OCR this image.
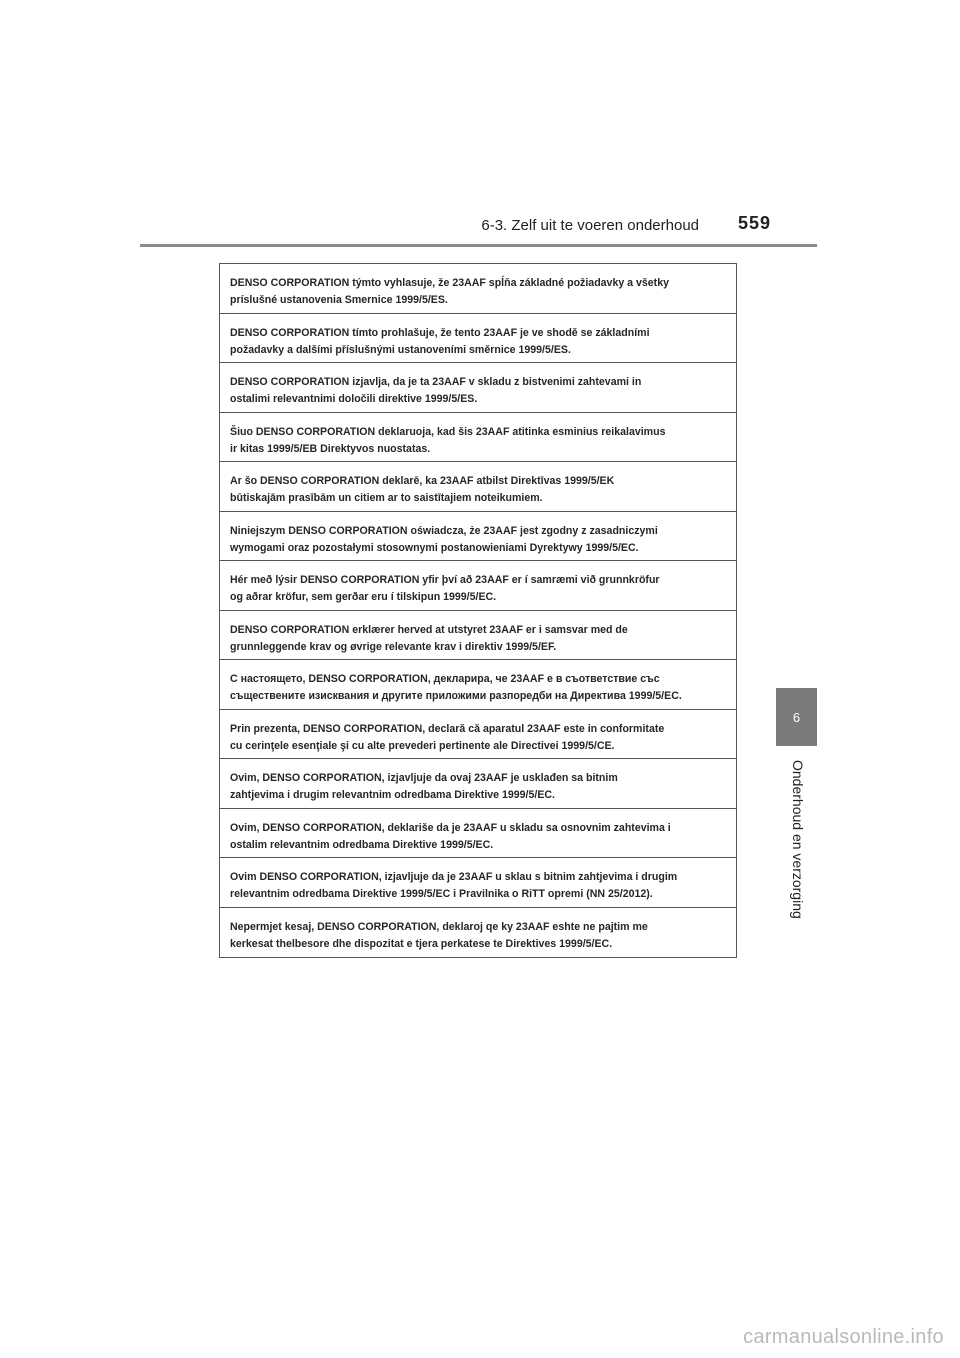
6-3. Zelf uit te voeren onderhoud 559
6
Onderhoud en verzorging
DENSO CORPORATION týmto vyhlasuje, že 23AAF spĺňa základné požiadavky a všetky
príslušné ustanovenia Smernice 1999/5/ES.
DENSO CORPORATION tímto prohlašuje, že tento 23AAF je ve shodě se základními
požadavky a dalšími příslušnými ustanoveními směrnice 1999/5/ES.
DENSO CORPORATION izjavlja, da je ta 23AAF v skladu z bistvenimi zahtevami in
ostalimi relevantnimi določili direktive 1999/5/ES.
Šiuo DENSO CORPORATION deklaruoja, kad šis 23AAF atitinka esminius reikalavimus
ir kitas 1999/5/EB Direktyvos nuostatas.
Ar šo DENSO CORPORATION deklarē, ka 23AAF atbilst Direktīvas 1999/5/EK
būtiskajām prasībām un citiem ar to saistītajiem noteikumiem.
Niniejszym DENSO CORPORATION oświadcza, że 23AAF jest zgodny z zasadniczymi
wymogami oraz pozostałymi stosownymi postanowieniami Dyrektywy 1999/5/EC.
Hér með lýsir DENSO CORPORATION yfir því að 23AAF er í samræmi við grunnkröfur
og aðrar kröfur, sem gerðar eru í tilskipun 1999/5/EC.
DENSO CORPORATION erklærer herved at utstyret 23AAF er i samsvar med de
grunnleggende krav og øvrige relevante krav i direktiv 1999/5/EF.
С настоящето, DENSO CORPORATION, декларира, че 23AAF е в съответствие със
съществените изисквания и другите приложими разпоредби на Директива 1999/5/EC.
Prin prezenta, DENSO CORPORATION, declară că aparatul 23AAF este in conformitate
cu cerinţele esenţiale şi cu alte prevederi pertinente ale Directivei 1999/5/CE.
Ovim, DENSO CORPORATION, izjavljuje da ovaj 23AAF je usklađen sa bitnim
zahtjevima i drugim relevantnim odredbama Direktive 1999/5/EC.
Ovim, DENSO CORPORATION, deklariše da je 23AAF u skladu sa osnovnim zahtevima i
ostalim relevantnim odredbama Direktive 1999/5/EC.
Ovim DENSO CORPORATION, izjavljuje da je 23AAF u sklau s bitnim zahtjevima i drugim
relevantnim odredbama Direktive 1999/5/EC i Pravilnika o RiTT opremi (NN 25/2012).
Nepermjet kesaj, DENSO CORPORATION, deklaroj qe ky 23AAF eshte ne pajtim me
kerkesat thelbesore dhe dispozitat e tjera perkatese te Direktives 1999/5/EC.
carmanualsonline.info
